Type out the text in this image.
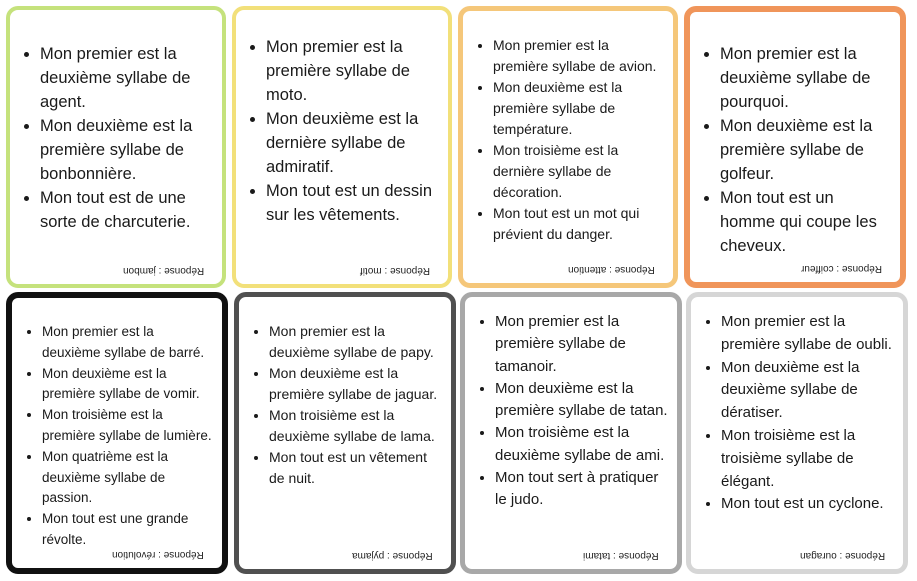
• Mon premier est la deuxième syllabe de agent.
• Mon deuxième est la première syllabe de bonbonnière.
• Mon tout est de une sorte de charcuterie.
Réponse : jambon
• Mon premier est la première syllabe de moto.
• Mon deuxième est la dernière syllabe de admiratif.
• Mon tout est un dessin sur les vêtements.
Réponse : motif
• Mon premier est la première syllabe de avion.
• Mon deuxième est la première syllabe de température.
• Mon troisième est la dernière syllabe de décoration.
• Mon tout est un mot qui prévient du danger.
Réponse : attention
• Mon premier est la deuxième syllabe de pourquoi.
• Mon deuxième est la première syllabe de golfeur.
• Mon tout est un homme qui coupe les cheveux.
Réponse : coiffeur
• Mon premier est la deuxième syllabe de barré.
• Mon deuxième est la première syllabe de vomir.
• Mon troisième est la première syllabe de lumière.
• Mon quatrième est la deuxième syllabe de passion.
• Mon tout est une grande révolte.
Réponse : révolution
• Mon premier est la deuxième syllabe de papy.
• Mon deuxième est la première syllabe de jaguar.
• Mon troisième est la deuxième syllabe de lama.
• Mon tout est un vêtement de nuit.
Réponse : pyjama
• Mon premier est la première syllabe de tamanoir.
• Mon deuxième est la première syllabe de tatan.
• Mon troisième est la deuxième syllabe de ami.
• Mon tout sert à pratiquer le judo.
Réponse : tatami
• Mon premier est la première syllabe de oubli.
• Mon deuxième est la deuxième syllabe de dératiser.
• Mon troisième est la troisième syllabe de élégant.
• Mon tout est un cyclone.
Réponse : ouragan
